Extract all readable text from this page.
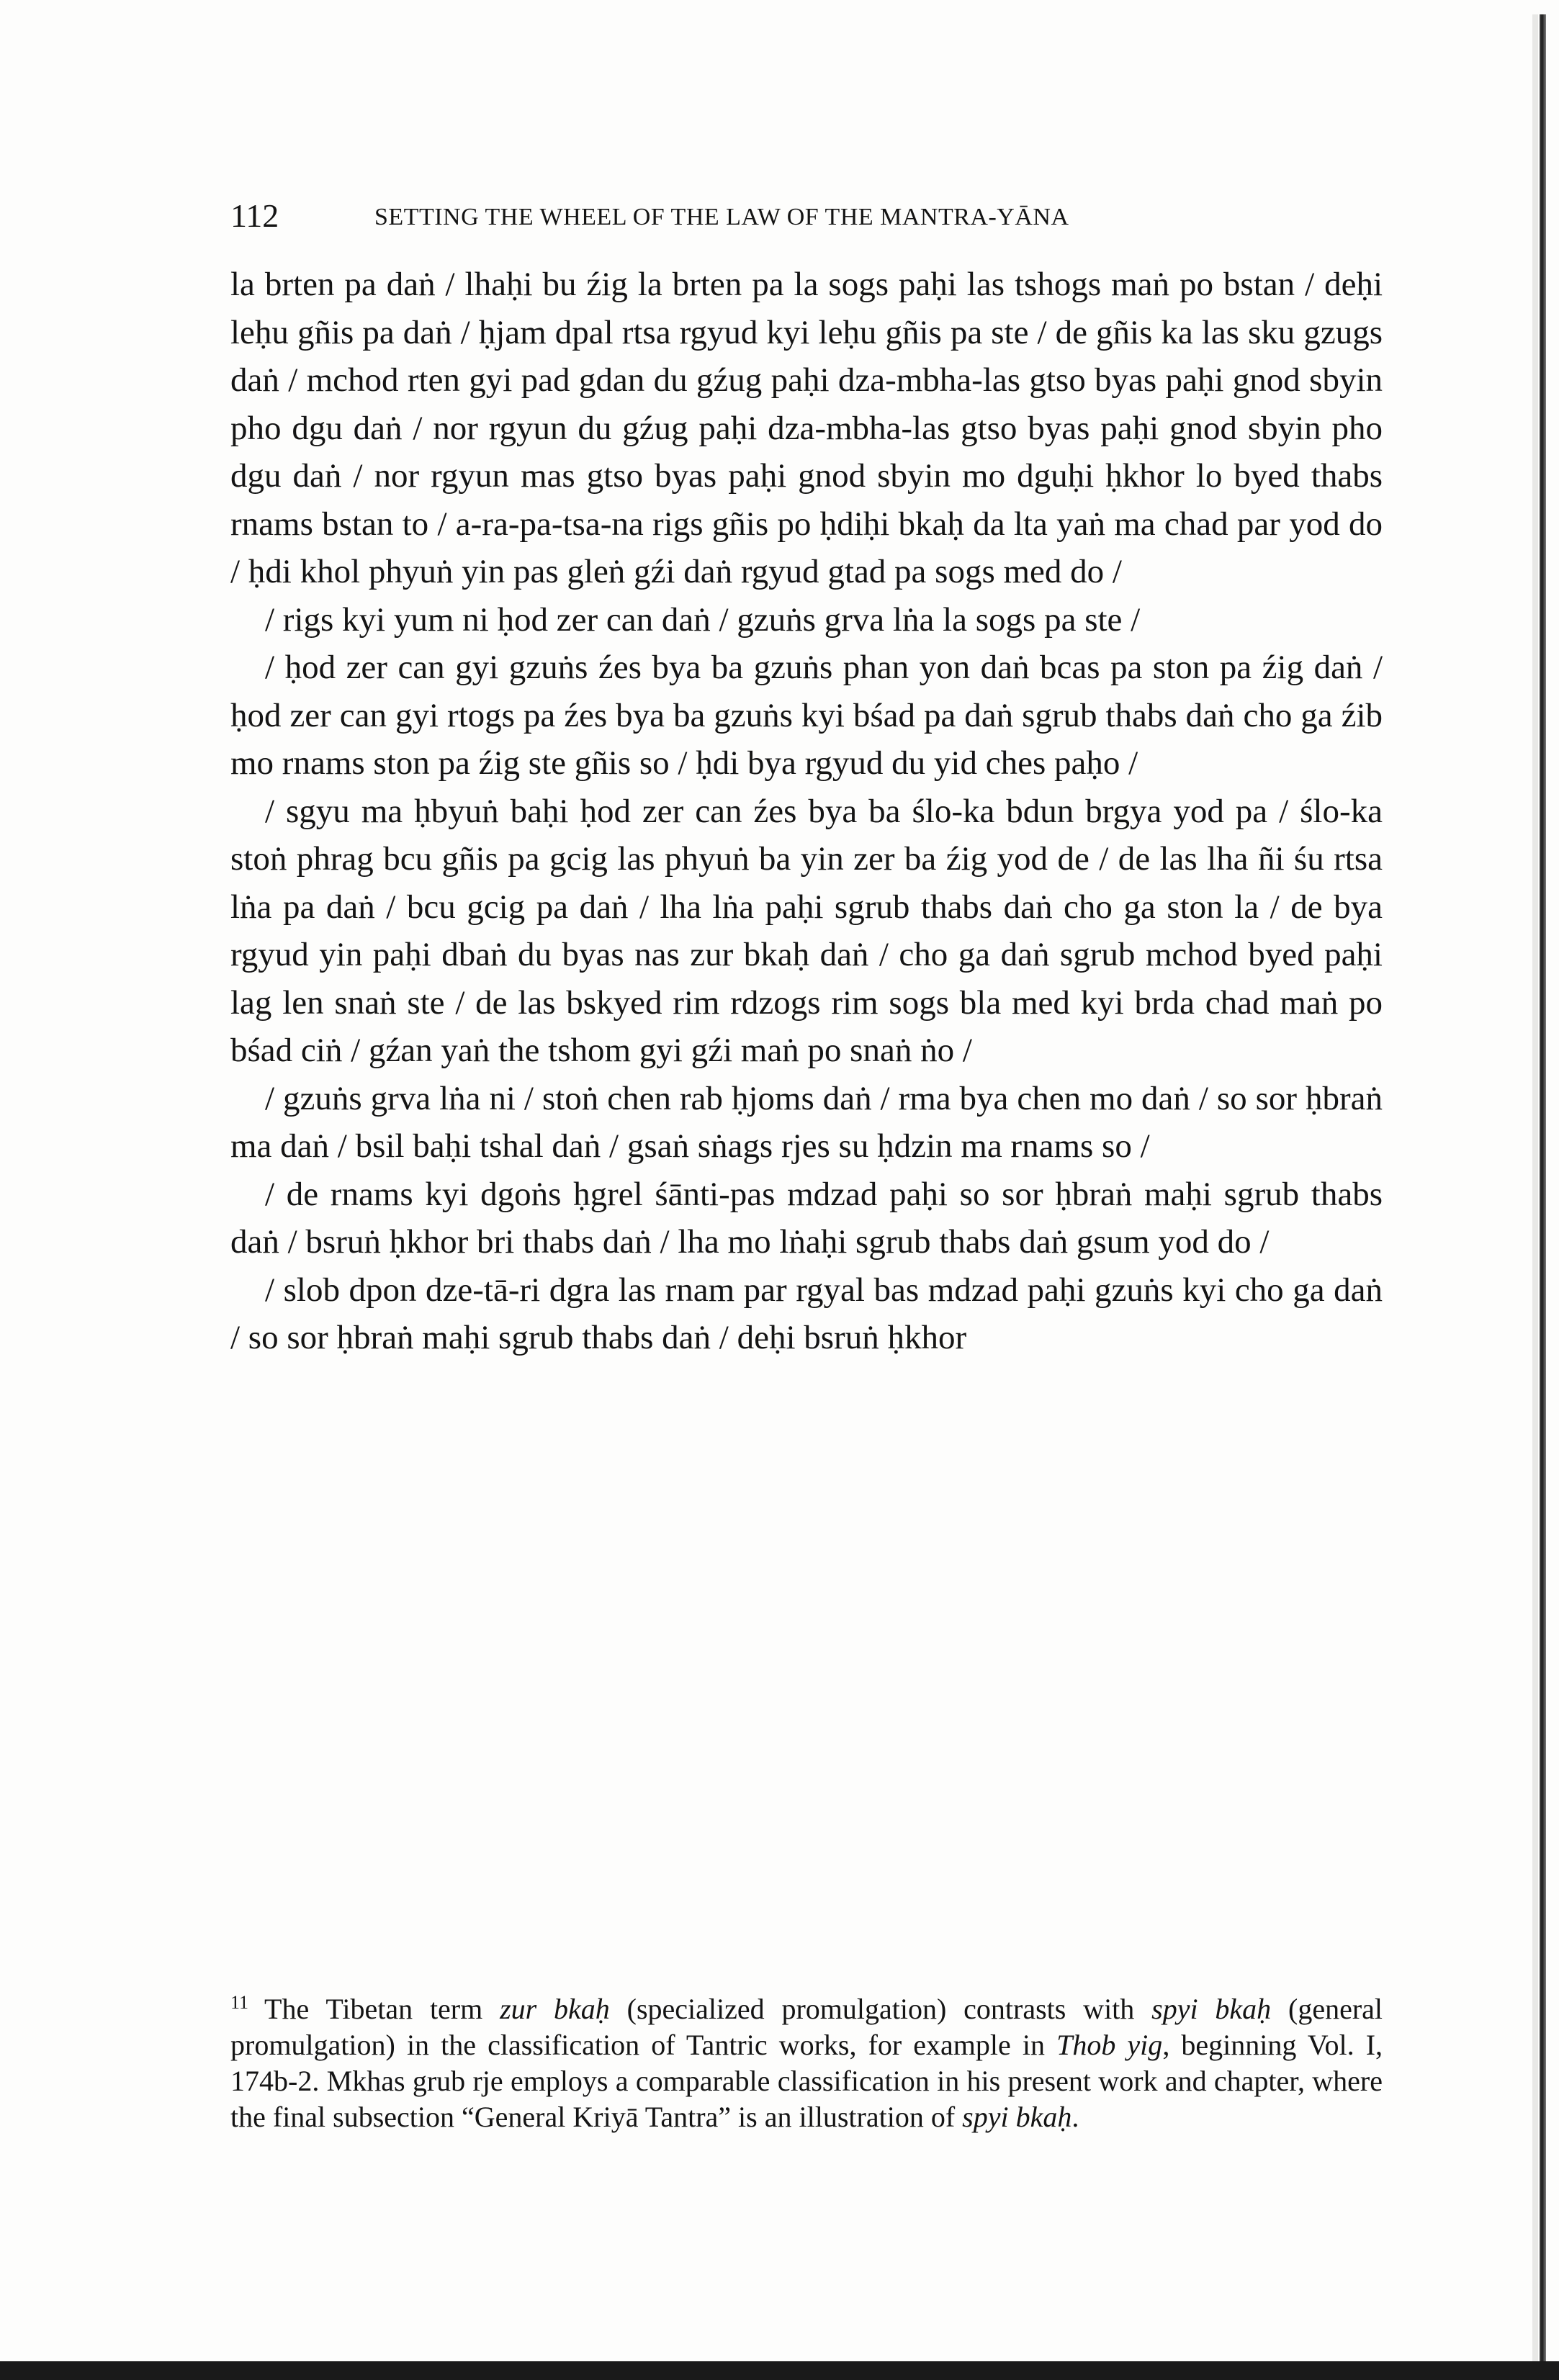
112	SETTING THE WHEEL OF THE LAW OF THE MANTRA-YĀNA

la brten pa daṅ / lhaḥi bu źig la brten pa la sogs paḥi las tshogs maṅ po bstan / deḥi leḥu gñis pa daṅ / ḥjam dpal rtsa rgyud kyi leḥu gñis pa ste / de gñis ka las sku gzugs daṅ / mchod rten gyi pad gdan du gźug paḥi dza-mbha-las gtso byas paḥi gnod sbyin pho dgu daṅ / nor rgyun du gźug paḥi dza-mbha-las gtso byas paḥi gnod sbyin pho dgu daṅ / nor rgyun mas gtso byas paḥi gnod sbyin mo dguḥi ḥkhor lo byed thabs rnams bstan to / a-ra-pa-tsa-na rigs gñis po ḥdiḥi bkaḥ da lta yaṅ ma chad par yod do / ḥdi khol phyuṅ yin pas gleṅ gźi daṅ rgyud gtad pa sogs med do /

/ rigs kyi yum ni ḥod zer can daṅ / gzuṅs grva lṅa la sogs pa ste /

/ ḥod zer can gyi gzuṅs źes bya ba gzuṅs phan yon daṅ bcas pa ston pa źig daṅ / ḥod zer can gyi rtogs pa źes bya ba gzuṅs kyi bśad pa daṅ sgrub thabs daṅ cho ga źib mo rnams ston pa źig ste gñis so / ḥdi bya rgyud du yid ches paḥo /

/ sgyu ma ḥbyuṅ baḥi ḥod zer can źes bya ba ślo-ka bdun brgya yod pa / ślo-ka stoṅ phrag bcu gñis pa gcig las phyuṅ ba yin zer ba źig yod de / de las lha ñi śu rtsa lṅa pa daṅ / bcu gcig pa daṅ / lha lṅa paḥi sgrub thabs daṅ cho ga ston la / de bya rgyud yin paḥi dbaṅ du byas nas zur bkaḥ daṅ / cho ga daṅ sgrub mchod byed paḥi lag len snaṅ ste / de las bskyed rim rdzogs rim sogs bla med kyi brda chad maṅ po bśad ciṅ / gźan yaṅ the tshom gyi gźi maṅ po snaṅ ṅo /

/ gzuṅs grva lṅa ni / stoṅ chen rab ḥjoms daṅ / rma bya chen mo daṅ / so sor ḥbraṅ ma daṅ / bsil baḥi tshal daṅ / gsaṅ sṅags rjes su ḥdzin ma rnams so /

/ de rnams kyi dgoṅs ḥgrel śānti-pas mdzad paḥi so sor ḥbraṅ maḥi sgrub thabs daṅ / bsruṅ ḥkhor bri thabs daṅ / lha mo lṅaḥi sgrub thabs daṅ gsum yod do /

/ slob dpon dze-tā-ri dgra las rnam par rgyal bas mdzad paḥi gzuṅs kyi cho ga daṅ / so sor ḥbraṅ maḥi sgrub thabs daṅ / deḥi bsruṅ ḥkhor

$^{11}$ The Tibetan term zur bkaḥ (specialized promulgation) contrasts with spyi bkaḥ (general promulgation) in the classification of Tantric works, for example in Thob yig, beginning Vol. I, 174b-2. Mkhas grub rje employs a comparable classification in his present work and chapter, where the final subsection “General Kriyā Tantra” is an illustration of spyi bkaḥ.
